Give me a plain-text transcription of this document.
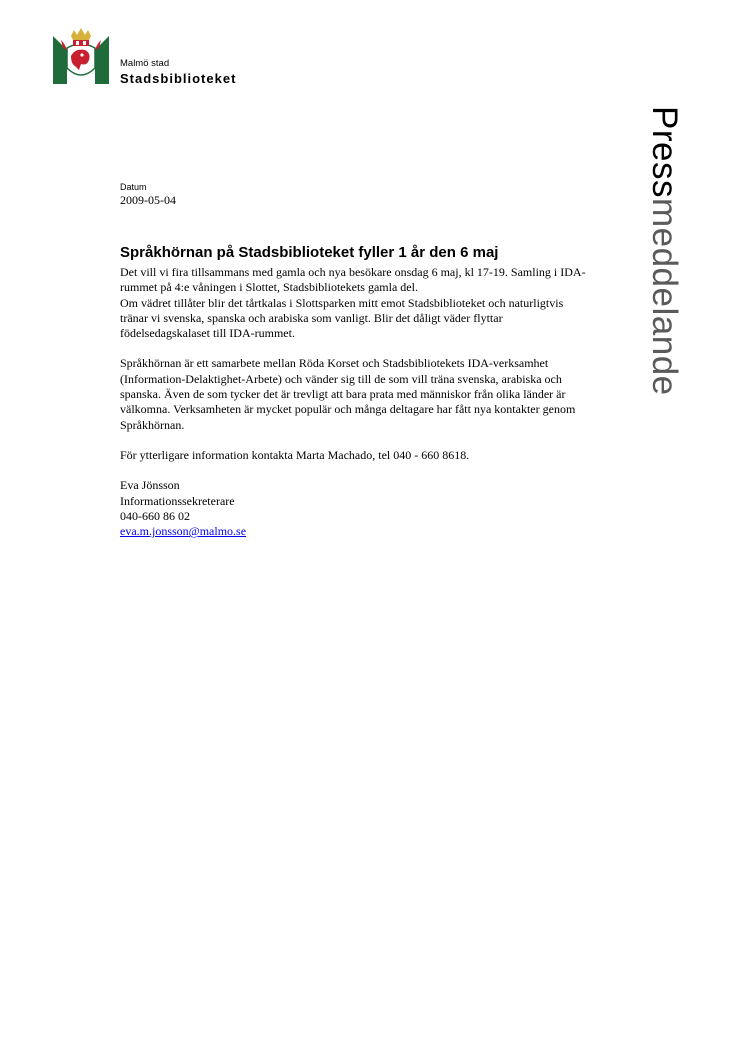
Malmö stad
Stadsbiblioteket
Pressmeddelande
Datum
2009-05-04
Språkhörnan på Stadsbiblioteket fyller 1 år den 6 maj

Det vill vi fira tillsammans med gamla och nya besökare onsdag 6 maj, kl 17-19. Samling i IDA-rummet på 4:e våningen i Slottet, Stadsbibliotekets gamla del.

Om vädret tillåter blir det tårtkalas i Slottsparken mitt emot Stadsbiblioteket och naturligtvis tränar vi svenska, spanska och arabiska som vanligt. Blir det dåligt väder flyttar födelsedagskalaset till IDA-rummet.

Språkhörnan är ett samarbete mellan Röda Korset och Stadsbibliotekets IDA-verksamhet (Information-Delaktighet-Arbete) och vänder sig till de som vill träna svenska, arabiska och spanska. Även de som tycker det är trevligt att bara prata med människor från olika länder är välkomna. Verksamheten är mycket populär och många deltagare har fått nya kontakter genom Språkhörnan.

För ytterligare information kontakta Marta Machado, tel 040 - 660 8618.

Eva Jönsson
Informationssekreterare
040-660 86 02
eva.m.jonsson@malmo.se
